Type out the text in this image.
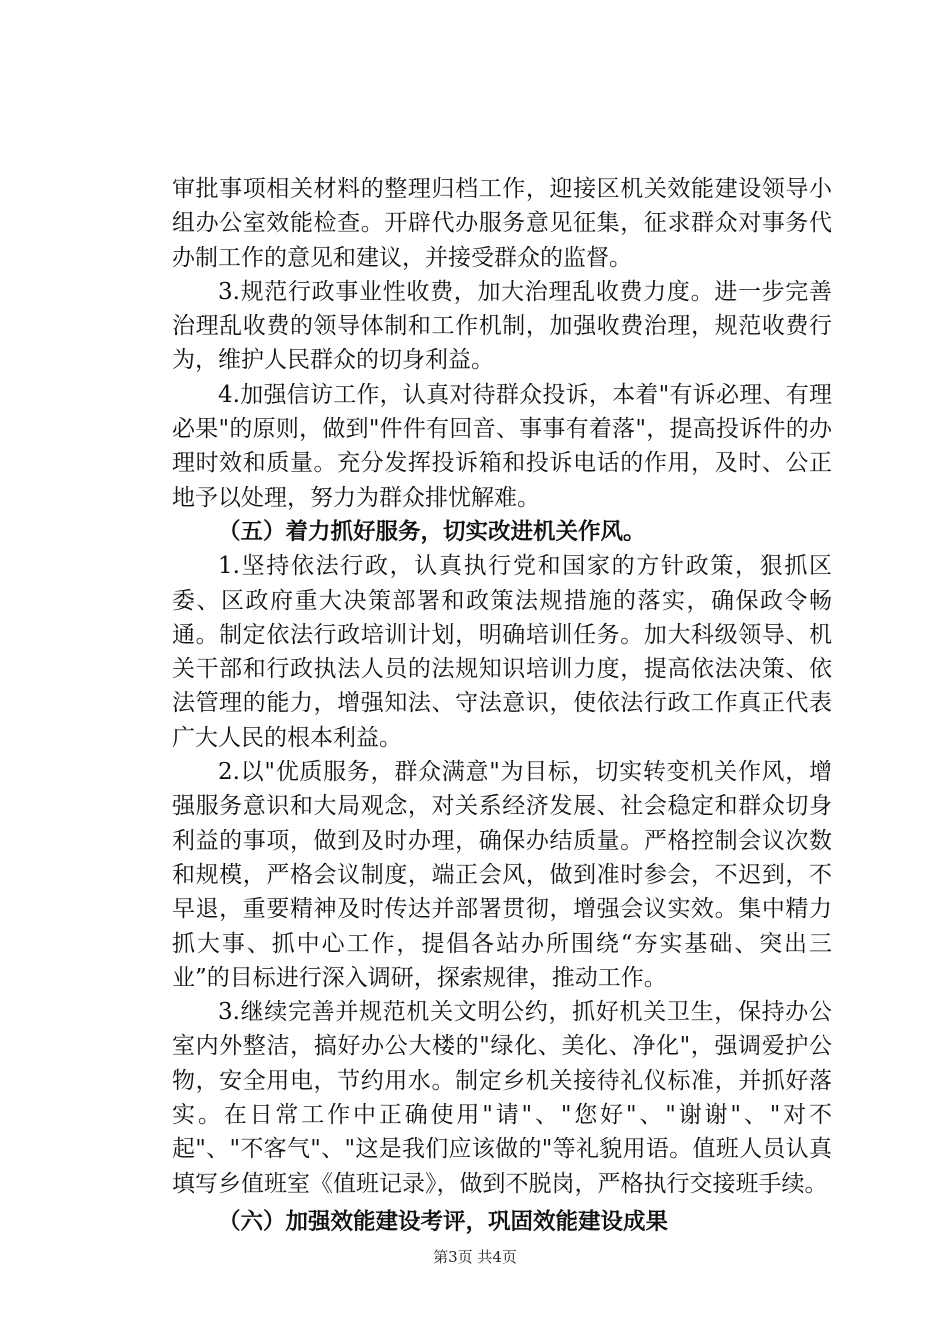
审批事项相关材料的整理归档工作，迎接区机关效能建设领导小组办公室效能检查。开辟代办服务意见征集，征求群众对事务代办制工作的意见和建议，并接受群众的监督。

3.规范行政事业性收费，加大治理乱收费力度。进一步完善治理乱收费的领导体制和工作机制，加强收费治理，规范收费行为，维护人民群众的切身利益。

4.加强信访工作，认真对待群众投诉，本着"有诉必理、有理必果"的原则，做到"件件有回音、事事有着落"，提高投诉件的办理时效和质量。充分发挥投诉箱和投诉电话的作用，及时、公正地予以处理，努力为群众排忧解难。

（五）着力抓好服务，切实改进机关作风。

1.坚持依法行政，认真执行党和国家的方针政策，狠抓区委、区政府重大决策部署和政策法规措施的落实，确保政令畅通。制定依法行政培训计划，明确培训任务。加大科级领导、机关干部和行政执法人员的法规知识培训力度，提高依法决策、依法管理的能力，增强知法、守法意识，使依法行政工作真正代表广大人民的根本利益。

2.以"优质服务，群众满意"为目标，切实转变机关作风，增强服务意识和大局观念，对关系经济发展、社会稳定和群众切身利益的事项，做到及时办理，确保办结质量。严格控制会议次数和规模，严格会议制度，端正会风，做到准时参会，不迟到，不早退，重要精神及时传达并部署贯彻，增强会议实效。集中精力抓大事、抓中心工作，提倡各站办所围绕“夯实基础、突出三业”的目标进行深入调研，探索规律，推动工作。

3.继续完善并规范机关文明公约，抓好机关卫生，保持办公室内外整洁，搞好办公大楼的"绿化、美化、净化"，强调爱护公物，安全用电，节约用水。制定乡机关接待礼仪标准，并抓好落实。在日常工作中正确使用"请"、"您好"、"谢谢"、"对不起"、"不客气"、"这是我们应该做的"等礼貌用语。值班人员认真填写乡值班室《值班记录》，做到不脱岗，严格执行交接班手续。

（六）加强效能建设考评，巩固效能建设成果

第3页 共4页
